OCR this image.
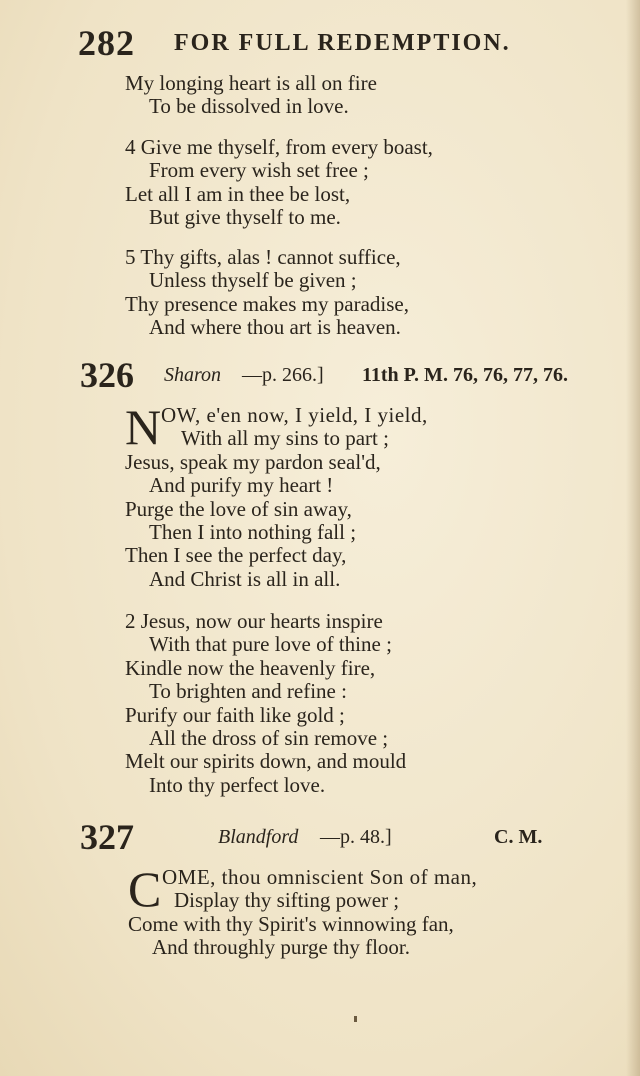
282 FOR FULL REDEMPTION.
My longing heart is all on fire
To be dissolved in love.
4 Give me thyself, from every boast,
From every wish set free ;
Let all I am in thee be lost,
But give thyself to me.
5 Thy gifts, alas ! cannot suffice,
Unless thyself be given ;
Thy presence makes my paradise,
And where thou art is heaven.
326 Sharon —p. 266.] 11th P. M. 76, 76, 77, 76.
N OW, e'en now, I yield, I yield,
With all my sins to part ;
Jesus, speak my pardon seal'd,
And purify my heart !
Purge the love of sin away,
Then I into nothing fall ;
Then I see the perfect day,
And Christ is all in all.
2 Jesus, now our hearts inspire
With that pure love of thine ;
Kindle now the heavenly fire,
To brighten and refine :
Purify our faith like gold ;
All the dross of sin remove ;
Melt our spirits down, and mould
Into thy perfect love.
327	Blandford —p. 48.]	C. M.
C OME, thou omniscient Son of man,
Display thy sifting power ;
Come with thy Spirit's winnowing fan,
And throughly purge thy floor.
